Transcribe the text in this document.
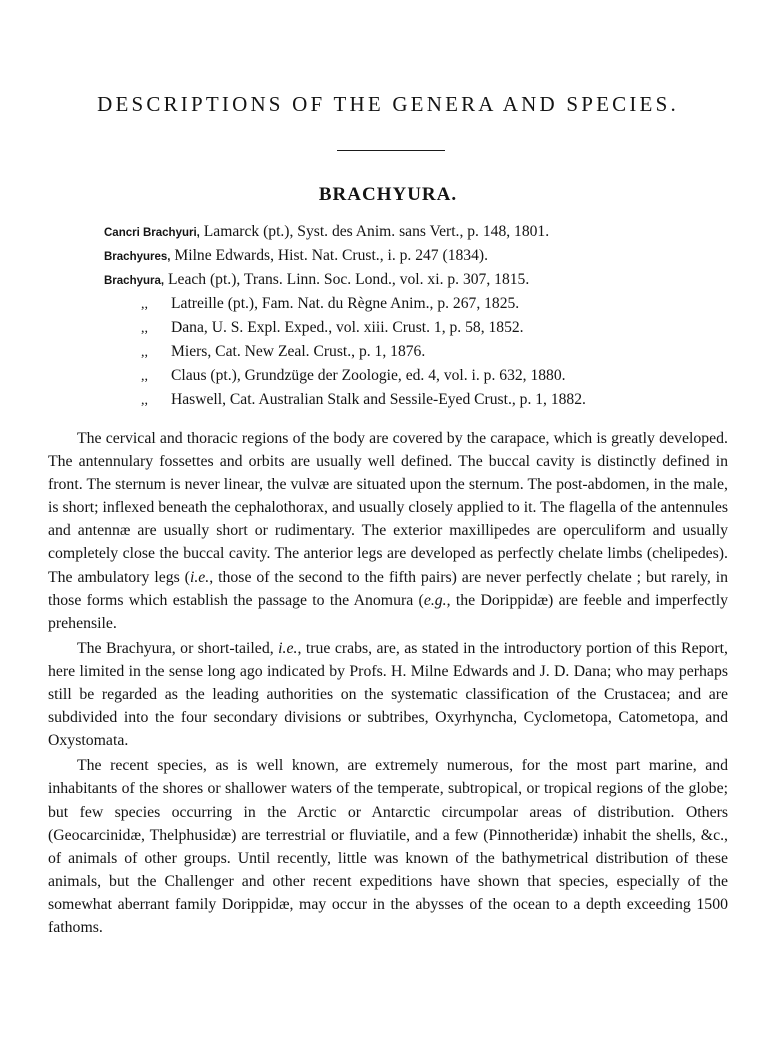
DESCRIPTIONS OF THE GENERA AND SPECIES.
BRACHYURA.
Cancri Brachyuri, Lamarck (pt.), Syst. des Anim. sans Vert., p. 148, 1801.
Brachyures, Milne Edwards, Hist. Nat. Crust., i. p. 247 (1834).
Brachyura, Leach (pt.), Trans. Linn. Soc. Lond., vol. xi. p. 307, 1815.
,, Latreille (pt.), Fam. Nat. du Règne Anim., p. 267, 1825.
,, Dana, U. S. Expl. Exped., vol. xiii. Crust. 1, p. 58, 1852.
,, Miers, Cat. New Zeal. Crust., p. 1, 1876.
,, Claus (pt.), Grundzüge der Zoologie, ed. 4, vol. i. p. 632, 1880.
,, Haswell, Cat. Australian Stalk and Sessile-Eyed Crust., p. 1, 1882.

The cervical and thoracic regions of the body are covered by the carapace, which is greatly developed. The antennulary fossettes and orbits are usually well defined. The buccal cavity is distinctly defined in front. The sternum is never linear, the vulvæ are situated upon the sternum. The post-abdomen, in the male, is short; inflexed beneath the cephalothorax, and usually closely applied to it. The flagella of the antennules and antennæ are usually short or rudimentary. The exterior maxillipedes are operculiform and usually completely close the buccal cavity. The anterior legs are developed as perfectly chelate limbs (chelipedes). The ambulatory legs (i.e., those of the second to the fifth pairs) are never perfectly chelate ; but rarely, in those forms which establish the passage to the Anomura (e.g., the Dorippidæ) are feeble and imperfectly prehensile.

The Brachyura, or short-tailed, i.e., true crabs, are, as stated in the introductory portion of this Report, here limited in the sense long ago indicated by Profs. H. Milne Edwards and J. D. Dana; who may perhaps still be regarded as the leading authorities on the systematic classification of the Crustacea; and are subdivided into the four secondary divisions or subtribes, Oxyrhyncha, Cyclometopa, Catometopa, and Oxystomata.

The recent species, as is well known, are extremely numerous, for the most part marine, and inhabitants of the shores or shallower waters of the temperate, subtropical, or tropical regions of the globe; but few species occurring in the Arctic or Antarctic circumpolar areas of distribution. Others (Geocarcinidæ, Thelphusidæ) are terrestrial or fluviatile, and a few (Pinnotheridæ) inhabit the shells, &c., of animals of other groups. Until recently, little was known of the bathymetrical distribution of these animals, but the Challenger and other recent expeditions have shown that species, especially of the somewhat aberrant family Dorippidæ, may occur in the abysses of the ocean to a depth exceeding 1500 fathoms.
